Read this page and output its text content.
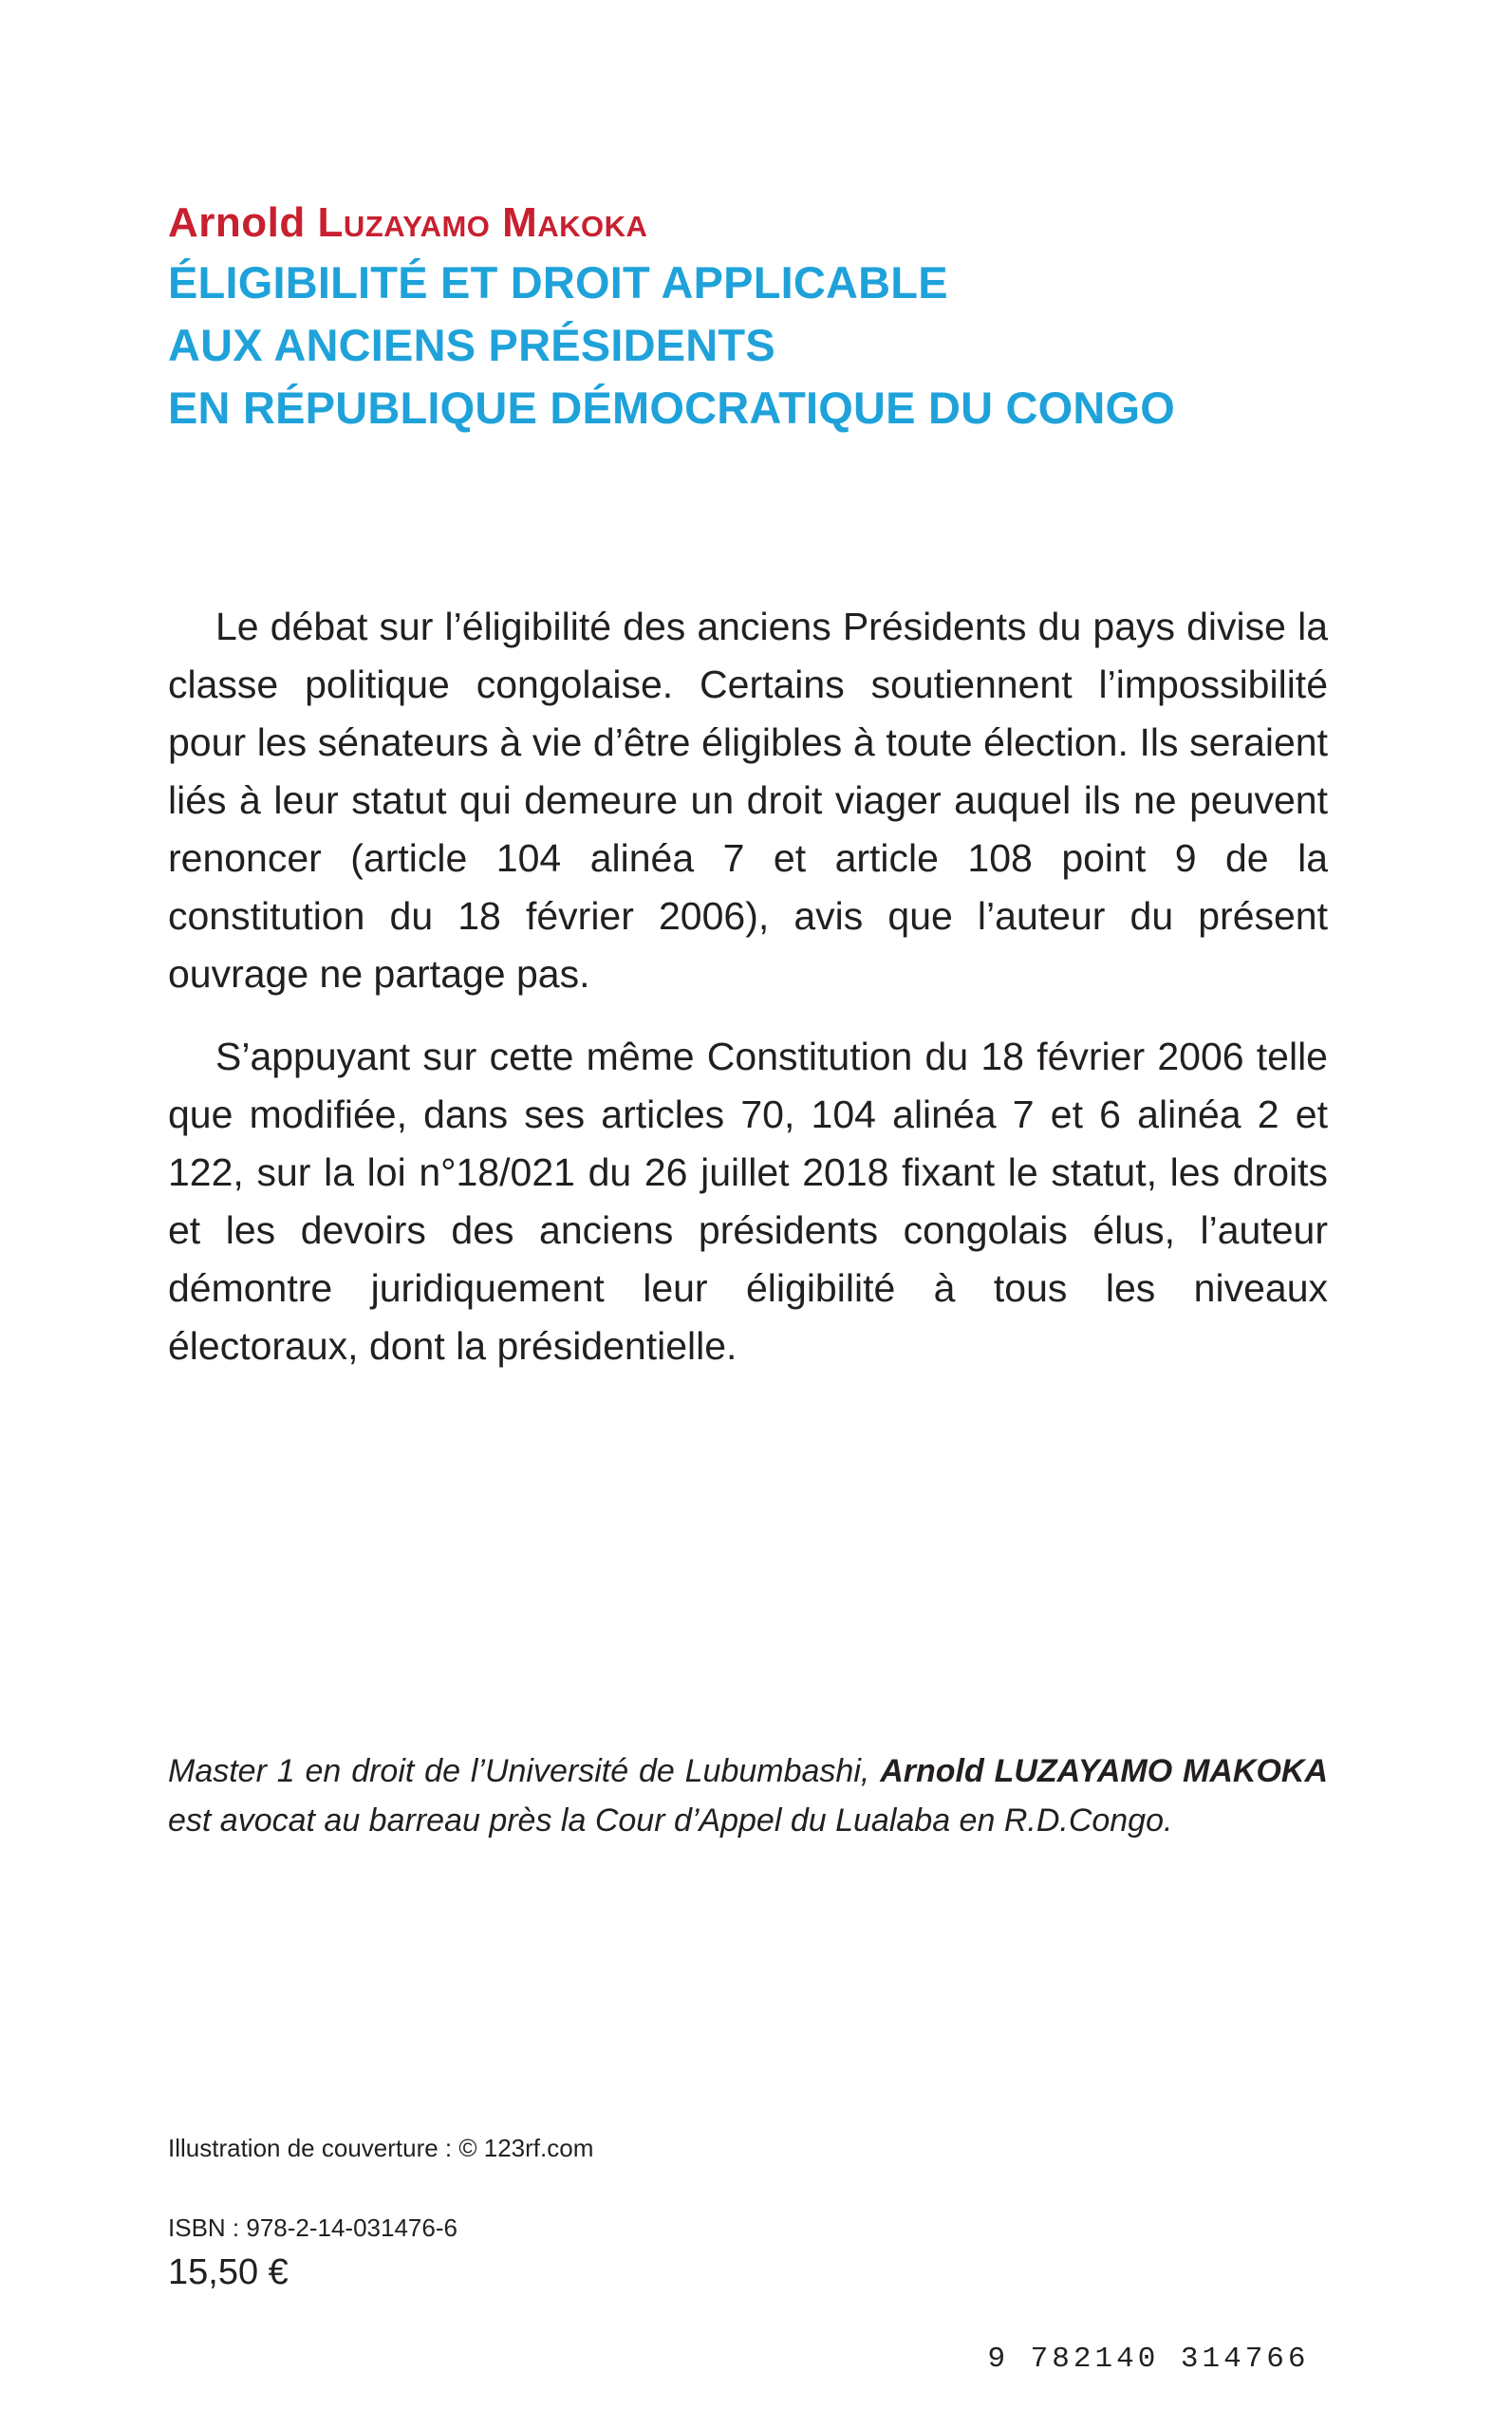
Arnold Luzayamo Makoka
ÉLIGIBILITÉ ET DROIT APPLICABLE
AUX ANCIENS PRÉSIDENTS
EN RÉPUBLIQUE DÉMOCRATIQUE DU CONGO

Le débat sur l’éligibilité des anciens Présidents du pays divise la classe politique congolaise. Certains soutiennent l’impossibilité pour les sénateurs à vie d’être éligibles à toute élection. Ils seraient liés à leur statut qui demeure un droit viager auquel ils ne peuvent renoncer (article 104 alinéa 7 et article 108 point 9 de la constitution du 18 février 2006), avis que l’auteur du présent ouvrage ne partage pas.

S’appuyant sur cette même Constitution du 18 février 2006 telle que modifiée, dans ses articles 70, 104 alinéa 7 et 6 alinéa 2 et 122, sur la loi n°18/021 du 26 juillet 2018 fixant le statut, les droits et les devoirs des anciens présidents congolais élus, l’auteur démontre juridiquement leur éligibilité à tous les niveaux électoraux, dont la présidentielle.

Master 1 en droit de l’Université de Lubumbashi, Arnold LUZAYAMO MAKOKA est avocat au barreau près la Cour d’Appel du Lualaba en R.D.Congo.
Illustration de couverture : © 123rf.com
ISBN : 978-2-14-031476-6
15,50 €
9 782140 314766
